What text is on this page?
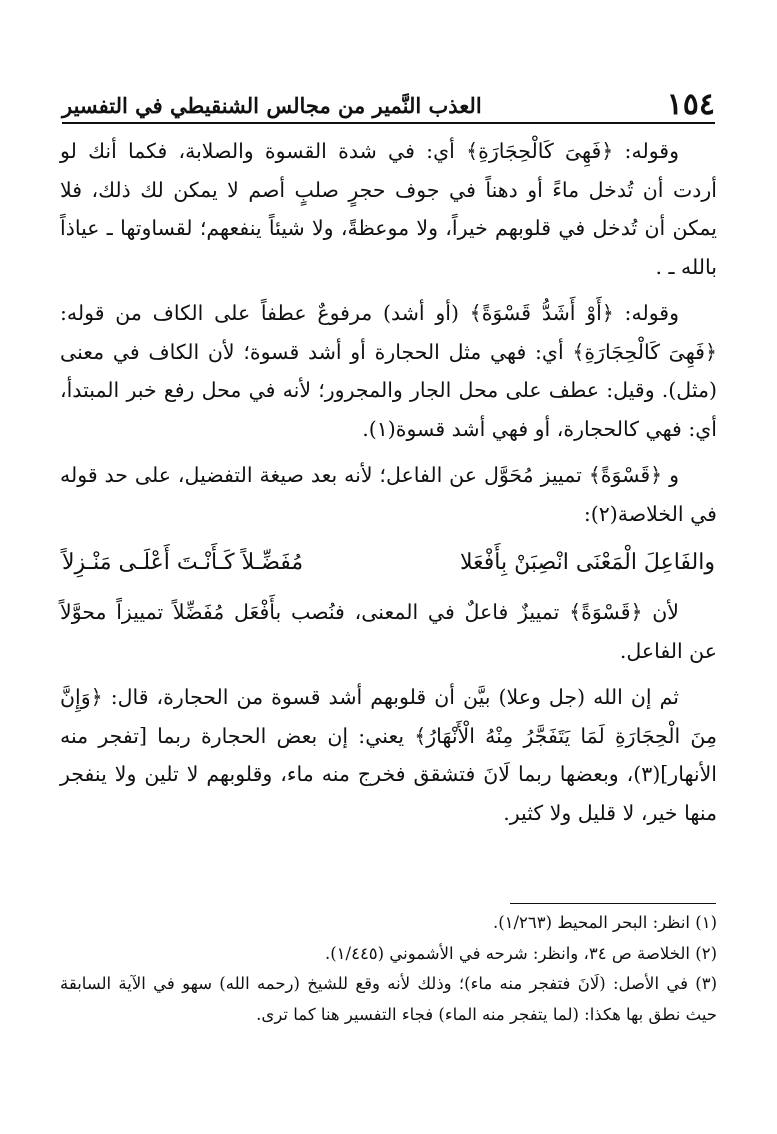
١٥٤
العذب النَّمير من مجالس الشنقيطي في التفسير

وقوله: ﴿فَهِىَ كَالْحِجَارَةِ﴾ أي: في شدة القسوة والصلابة، فكما أنك لو أردت أن تُدخل ماءً أو دهناً في جوف حجرٍ صلبٍ أصم لا يمكن لك ذلك، فلا يمكن أن تُدخل في قلوبهم خيراً، ولا موعظةً، ولا شيئاً ينفعهم؛ لقساوتها ـ عياذاً بالله ـ .

وقوله: ﴿أَوْ أَشَدُّ قَسْوَةً﴾ (أو أشد) مرفوعٌ عطفاً على الكاف من قوله: ﴿فَهِىَ كَالْحِجَارَةِ﴾ أي: فهي مثل الحجارة أو أشد قسوة؛ لأن الكاف في معنى (مثل). وقيل: عطف على محل الجار والمجرور؛ لأنه في محل رفع خبر المبتدأ، أي: فهي كالحجارة، أو فهي أشد قسوة(١).

و ﴿قَسْوَةً﴾ تمييز مُحَوَّل عن الفاعل؛ لأنه بعد صيغة التفضيل، على حد قوله في الخلاصة(٢):

والفَاعِلَ الْمَعْنَى انْصِبَنْ بِأَفْعَلا
مُفَضِّـلاً كَـأَنْـتَ أَعْلَـى مَنْـزِلاً

لأن ﴿قَسْوَةً﴾ تمييزٌ فاعلٌ في المعنى، فنُصب بأَفْعَل مُفَضِّلاً تمييزاً محوَّلاً عن الفاعل.

ثم إن الله (جل وعلا) بيَّن أن قلوبهم أشد قسوة من الحجارة، قال: ﴿وَإِنَّ مِنَ الْحِجَارَةِ لَمَا يَتَفَجَّرُ مِنْهُ الْأَنْهَارُ﴾ يعني: إن بعض الحجارة ربما [تفجر منه الأنهار](٣)، وبعضها ربما لَانَ فتشقق فخرج منه ماء، وقلوبهم لا تلين ولا ينفجر منها خير، لا قليل ولا كثير.

(١) انظر: البحر المحيط (١/٢٦٣).

(٢) الخلاصة ص ٣٤، وانظر: شرحه في الأشموني (١/٤٤٥).

(٣) في الأصل: (لَانَ فتفجر منه ماء)؛ وذلك لأنه وقع للشيخ (رحمه الله) سهو في الآية السابقة حيث نطق بها هكذا: (لما يتفجر منه الماء) فجاء التفسير هنا كما ترى.
